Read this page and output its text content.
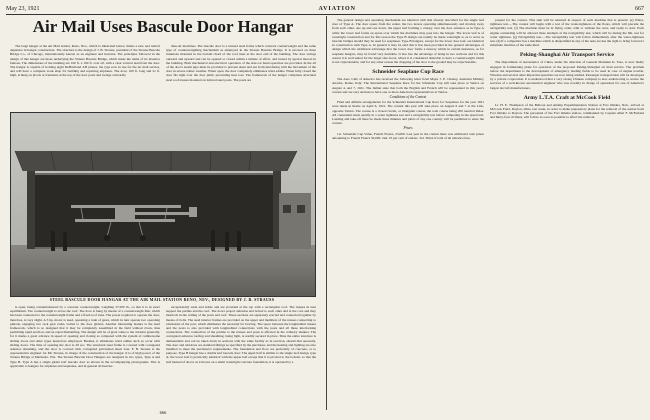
May 23, 1921	AVIATION	667
Air Mail Uses Bascule Door Hangar

The large hangar at the Air Mail station, Reno, Nev., which is illustrated below, marks a new and radical departure in hangar construction. The structure is the design of J. B. Strauss, president of the Strauss Bascule Bridge Co., of Chicago, internationally known as an engineer and inventor. The principles followed in the design of this hangar are those underlying the Strauss Bascule Bridge, which made the name of its inventor famous. The dimensions of the building are 100 ft. x 100 ft. over all, with a clear vertical lead from the door. The hangar is capable of holding eight DeHaviland 4-B planes, the type now in use for the air mail service, and will have a complete work shop for building and repairing airplanes. The door, 100 ft. long and 21 ft. high, is hung on pivots or trunnions at the top of the door posts and swings outwardly

than-air machines. The bascule door is a trussed steel frame which converts counterweight and the same type of counterweighting mechanism as employed in the Strauss Bascule Bridge. It is pivoted on three trunnions mounted in the bottom chord of the roof truss at the door end of the building. The door swings outward and upward and can be opened or closed within a minute of effort, and turned by special motors in the building. Both mechanical and electrical operation of the side-car hand operation are provided. In the all of the door's steam pipe must be provided to prevent sheet and sea from interfering with the movement of the door in severe winter weather. When open, the door completely eliminates wind eddies. When fully closed the door fits tight over the door jamb, preventing heat loss. The framework of the hangar comprises structural steel roof trusses mounted on latticed steel posts. The posts are

STEEL BASCULE DOOR HANGAR AT THE AIR MAIL STATION RENO, NEV., DESIGNED BY J. B. STRAUSS

is open, being counterbalanced by a concrete counterweight, weighing 37,500 lb., so that it is in exact equilibrium. The counterweight is above the roof. The door is hung by means of a counterweight link, which has been connected to the counterweight frame and a fixed roof truss. The power required to operate the door, therefore, is very slight. A 5 hp. motor is used, operating a train of gears, which in turn operate two operating pinions, engaging two rack gear racks, bolted to the door girders. Another interesting feature is the steel framework, which is so designed that it may be completely assembled in the field without rivets, thus permitting rapid erection, and an equal dismantling. The design will be of great value to the aviation generally, for it marks a great advance in speed of opening and closing as compared with the system of cumbersome sliding doors and other types heretofore employed. Besides, it eliminates wind eddies such as occur with sliding doors. The time of opening the door is 26 sec. The structural steel frame is covered with corrugated asbestos sheathing, and the door is covered with corrugated galvanized sheet iron. F. B. Strauss is the representative engineer for Mr. Strauss, in charge of the construction of the hangar. It is of high power of the Strauss Bridge at Marinette, Wis. The Strauss Bascule Door Hangars are designed in two types, Type A and Type B. Type A has a single girder leaf bascule door as shown in the accompanying photographs. This is applicable to hangars for airplanes and seaplanes, and in general all heavier-

exceptionally wide and stable and are provided at the top with a rectangular roof. The trusses in turn support the purlins and the roof. The doors project sidewise and bolted to each other and at the core and they interlock in the ceiling of the posts and roof. These sections are separately erected and connected together by means of bolts. The steel interior frames are provided on the upper and members of the trusses connecting to extensions of the post, which eliminates the necessity for bracing. The space between the longitudinal trusses and the posts is also provided with longitudinal connections with the posts and all these interlocking connections. The connection of the purlins to the trusses and posts is effected in the ordinary manner. The corrugated asbestos roofing and sheathing, being light, is readily secured in place. Thus the entire structure is demountable and can be taken down in sections with the same facility as in erection, should that necessity. The door and windows are standard fittings as specified by the purchaser, and the heating and lighting are also installed to meet the purchaser's requirements. The foundation and floor are preferably of concrete, or to purpose. Type B hangar has a double leaf bascule door. The upper half is similar to the single leaf design, type A; the lower leaf is practically identical with the upper leaf except that it is pivoted to the bottom, so that the leaf instead of above as it moves on a small watertight concrete foundation, it is operated by a

666

The general design and operating mechanism are identical with that already described for the single leaf door of Type A. The door opens from the center, the two leaves operating simultaneously and moving away from each other, one up and one down, the upper leaf forming a canopy over the door entrance as in Type A while the lower leaf forms an apron over which the machines may pass into the hangar. The lower leaf is of watertight construction and for this reason the Type B design can readily be made watertight so as to serve as bascule bridges should they be used for seaplanes. Type B hangars, except for the lower door leaf, are identical in construction with Type A. In general it may be said that it has been provided in the general advantages of design which the additional advantage that the lower door forms a runway which in certain instances, as for seaplane hangars, may be found very desirable. It also has the advantage of being in two sections and for this reason it is well suited for the larger size doors, where it is considered desirable to have a counterweight which is not objectionable, and for any other reason the dropping of the door to the ground may be objectionable.

Schneider Seaplane Cup Race

The Aero Club of America has received the following letter from Major J. E. Chaney, Assistant Military Attache, Rome, Italy: The International Seaplane Race for the Schneider Cup will take place at Venice on August 4, and 7, 1921. The Italian state that both the English and French will be represented in this year's contest and are very anxious to have one or more American representatives at Venice.

Conditions of the Contest

Final and definite arrangements for the Schneider International Cup Race for Seaplanes for the year 1921 were made in Rome on April 6, 1921. The contest this year will take place on August 6 and 7 at the Lido, opposite Venice. The course is a closed circuit, or triangular course, the total course being 200 nautical miles. All contestants must qualify in a water tightness test and a navigability test before competing in the speed test. Landing and take-off must be made three minutes and pilots of any one country will be permitted to enter the contest.

Prizes

1st. Schneider Cup Value, French Francs, 25,000. Last year in the contest there was additional cash prizes amounting to French Francs 50,000. 2nd. 25 per cent of entries. 3rd. Third of total of all entrance fees.

present for the contest. This sum will be returned in respect of each machine that is present. (e) Water-tightness test.—The contest will begin with a test of the water-tightness of the floats, which will precede the navigability test. (f) The machine must be in flying order, with or without the crew, and ready to start. Each engine contending will be allowed three attempts at the navigability test, which will be during the 6th, test for water tightness. (g) Navigability test.—The navigability test will follow immediately after the water-tightness test. (h) If a competitor has a machine which is disqualified in any of the tests, he has the right to bring forward a substitute machine of the same kind.

Peking-Shanghai Air Transport Service

The Department of Aeronautics of China, under the direction of General Manshen K. Tsao, is now busily engaged in formulating plans for operation of the proposed Peking-Shanghai air mail service. The problem before the department is the development of emergency landing fields to be used in case of engine trouble. Wireless and several other important questions are now being studied. Passenger transportation will be developed by a private corporation. It is understood that a very strong Chinese company is now endeavoring to secure the services of a well-known aeronautical engineer who was recently in charge of operations for one of America's largest aircraft manufacturers.

Army L.T.A. Craft at McCook Field

Lt. H. E. Thompson of the Balloon and Airship Experimentation Station at Fort Omaha, Neb., arrived at McCook Field, Dayton, Ohio, last week, in order to make preparatory plans for the removal of the station from Fort Omaha to Dayton. The personnel of the Fort Omaha station, commanded by Captain Allen F. McFarland and thirty-four civilians, will follow as soon as possible to effect the removal.
